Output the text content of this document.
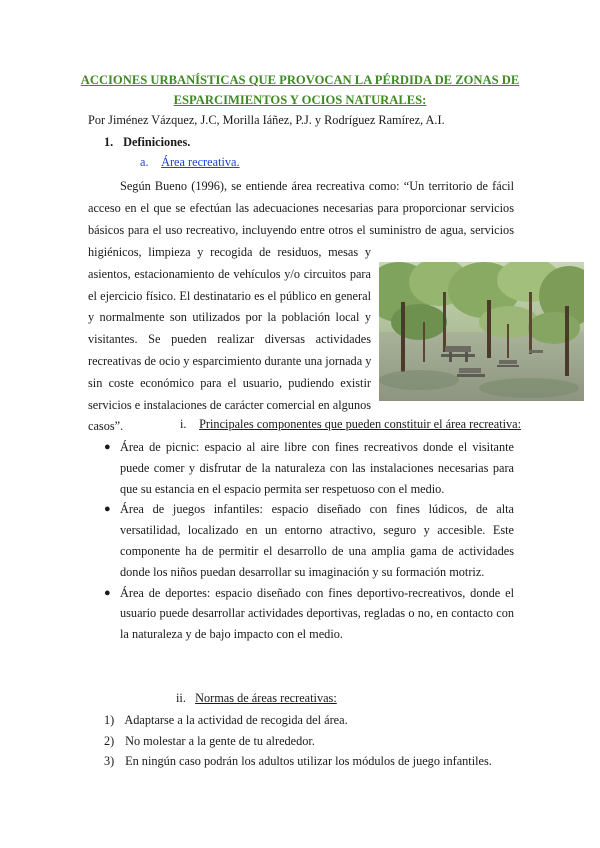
ACCIONES URBANÍSTICAS QUE PROVOCAN LA PÉRDIDA DE ZONAS DE
ESPARCIMIENTOS Y OCIOS NATURALES:
Por Jiménez Vázquez, J.C, Morilla Iáñez, P.J. y Rodríguez Ramírez, A.I.
1. Definiciones.
a. Área recreativa.
Según Bueno (1996), se entiende área recreativa como: “Un territorio de fácil
acceso en el que se efectúan las adecuaciones necesarias para proporcionar servicios
básicos para el uso recreativo, incluyendo entre otros el suministro de agua, servicios
higiénicos, limpieza y recogida de residuos, mesas y
asientos, estacionamiento de vehículos y/o circuitos para
el ejercicio físico. El destinatario es el público en general
y normalmente son utilizados por la población local y
visitantes. Se pueden realizar diversas actividades
recreativas de ocio y esparcimiento durante una jornada y
sin coste económico para el usuario, pudiendo existir
servicios e instalaciones de carácter comercial en algunos
casos”.	i. Principales componentes que pueden constituir el área recreativa:
● Área de picnic: espacio al aire libre con fines recreativos donde el visitante
puede comer y disfrutar de la naturaleza con las instalaciones necesarias para
que su estancia en el espacio permita ser respetuoso con el medio.
● Área de juegos infantiles: espacio diseñado con fines lúdicos, de alta
versatilidad, localizado en un entorno atractivo, seguro y accesible. Este
componente ha de permitir el desarrollo de una amplia gama de actividades
donde los niños puedan desarrollar su imaginación y su formación motriz.
● Área de deportes: espacio diseñado con fines deportivo-recreativos, donde el
usuario puede desarrollar actividades deportivas, regladas o no, en contacto con
la naturaleza y de bajo impacto con el medio.
ii. Normas de áreas recreativas:
1) Adaptarse a la actividad de recogida del área.
2) No molestar a la gente de tu alrededor.
3) En ningún caso podrán los adultos utilizar los módulos de juego infantiles.
